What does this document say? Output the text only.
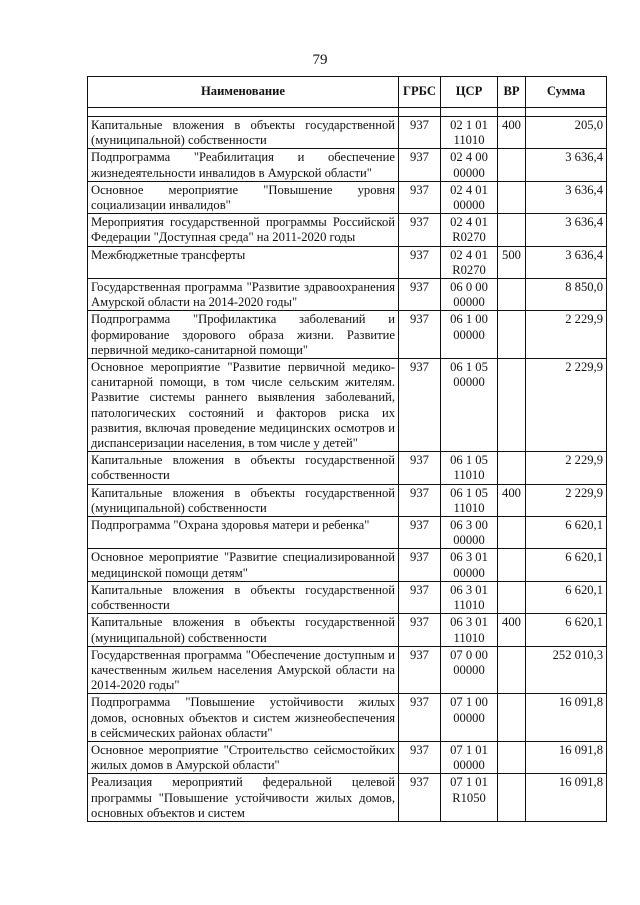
79
Наименование	ГРБС	ЦСР	ВР	Сумма

Капитальные вложения в объекты государственной (муниципальной) собственности	937	02 1 01 11010	400	205,0
Подпрограмма "Реабилитация и обеспечение жизнедеятельности инвалидов в Амурской области"	937	02 4 00 00000		3 636,4
Основное мероприятие "Повышение уровня социализации инвалидов"	937	02 4 01 00000		3 636,4
Мероприятия государственной программы Российской Федерации "Доступная среда" на 2011-2020 годы	937	02 4 01 R0270		3 636,4
Межбюджетные трансферты	937	02 4 01 R0270	500	3 636,4
Государственная программа "Развитие здравоохранения Амурской области на 2014-2020 годы"	937	06 0 00 00000		8 850,0
Подпрограмма "Профилактика заболеваний и формирование здорового образа жизни. Развитие первичной медико-санитарной помощи"	937	06 1 00 00000		2 229,9
Основное мероприятие "Развитие первичной медико-санитарной помощи, в том числе сельским жителям. Развитие системы раннего выявления заболеваний, патологических состояний и факторов риска их развития, включая проведение медицинских осмотров и диспансеризации населения, в том числе у детей"	937	06 1 05 00000		2 229,9
Капитальные вложения в объекты государственной собственности	937	06 1 05 11010		2 229,9
Капитальные вложения в объекты государственной (муниципальной) собственности	937	06 1 05 11010	400	2 229,9
Подпрограмма "Охрана здоровья матери и ребенка"	937	06 3 00 00000		6 620,1
Основное мероприятие "Развитие специализированной медицинской помощи детям"	937	06 3 01 00000		6 620,1
Капитальные вложения в объекты государственной собственности	937	06 3 01 11010		6 620,1
Капитальные вложения в объекты государственной (муниципальной) собственности	937	06 3 01 11010	400	6 620,1
Государственная программа "Обеспечение доступным и качественным жильем населения Амурской области на 2014-2020 годы"	937	07 0 00 00000		252 010,3
Подпрограмма "Повышение устойчивости жилых домов, основных объектов и систем жизнеобеспечения в сейсмических районах области"	937	07 1 00 00000		16 091,8
Основное мероприятие "Строительство сейсмостойких жилых домов в Амурской области"	937	07 1 01 00000		16 091,8
Реализация мероприятий федеральной целевой программы "Повышение устойчивости жилых домов, основных объектов и систем	937	07 1 01 R1050		16 091,8
